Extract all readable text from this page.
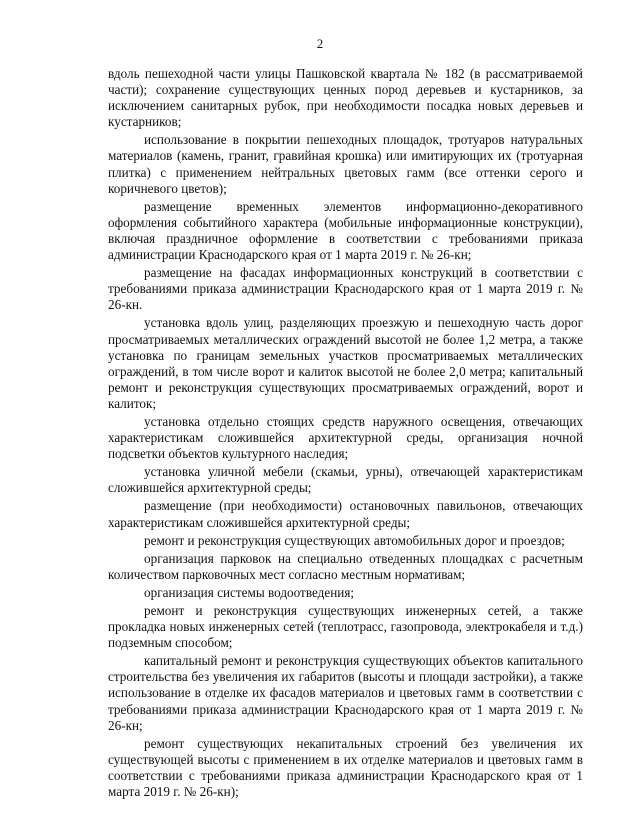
2

вдоль пешеходной части улицы Пашковской квартала № 182 (в рассматриваемой части); сохранение существующих ценных пород деревьев и кустарников, за исключением санитарных рубок, при необходимости посадка новых деревьев и кустарников;

использование в покрытии пешеходных площадок, тротуаров натуральных материалов (камень, гранит, гравийная крошка) или имитирующих их (тротуарная плитка) с применением нейтральных цветовых гамм (все оттенки серого и коричневого цветов);

размещение временных элементов информационно-декоративного оформления событийного характера (мобильные информационные конструкции), включая праздничное оформление в соответствии с требованиями приказа администрации Краснодарского края от 1 марта 2019 г. № 26-кн;

размещение на фасадах информационных конструкций в соответствии с требованиями приказа администрации Краснодарского края от 1 марта 2019 г. № 26-кн.

установка вдоль улиц, разделяющих проезжую и пешеходную часть дорог просматриваемых металлических ограждений высотой не более 1,2 метра, а также установка по границам земельных участков просматриваемых металлических ограждений, в том числе ворот и калиток высотой не более 2,0 метра; капитальный ремонт и реконструкция существующих просматриваемых ограждений, ворот и калиток;

установка отдельно стоящих средств наружного освещения, отвечающих характеристикам сложившейся архитектурной среды, организация ночной подсветки объектов культурного наследия;

установка уличной мебели (скамьи, урны), отвечающей характеристикам сложившейся архитектурной среды;

размещение (при необходимости) остановочных павильонов, отвечающих характеристикам сложившейся архитектурной среды;

ремонт и реконструкция существующих автомобильных дорог и проездов;

организация парковок на специально отведенных площадках с расчетным количеством парковочных мест согласно местным нормативам;

организация системы водоотведения;

ремонт и реконструкция существующих инженерных сетей, а также прокладка новых инженерных сетей (теплотрасс, газопровода, электрокабеля и т.д.) подземным способом;

капитальный ремонт и реконструкция существующих объектов капитального строительства без увеличения их габаритов (высоты и площади застройки), а также использование в отделке их фасадов материалов и цветовых гамм в соответствии с требованиями приказа администрации Краснодарского края от 1 марта 2019 г. № 26-кн;

ремонт существующих некапитальных строений без увеличения их существующей высоты с применением в их отделке материалов и цветовых гамм в соответствии с требованиями приказа администрации Краснодарского края от 1 марта 2019 г. № 26-кн);
